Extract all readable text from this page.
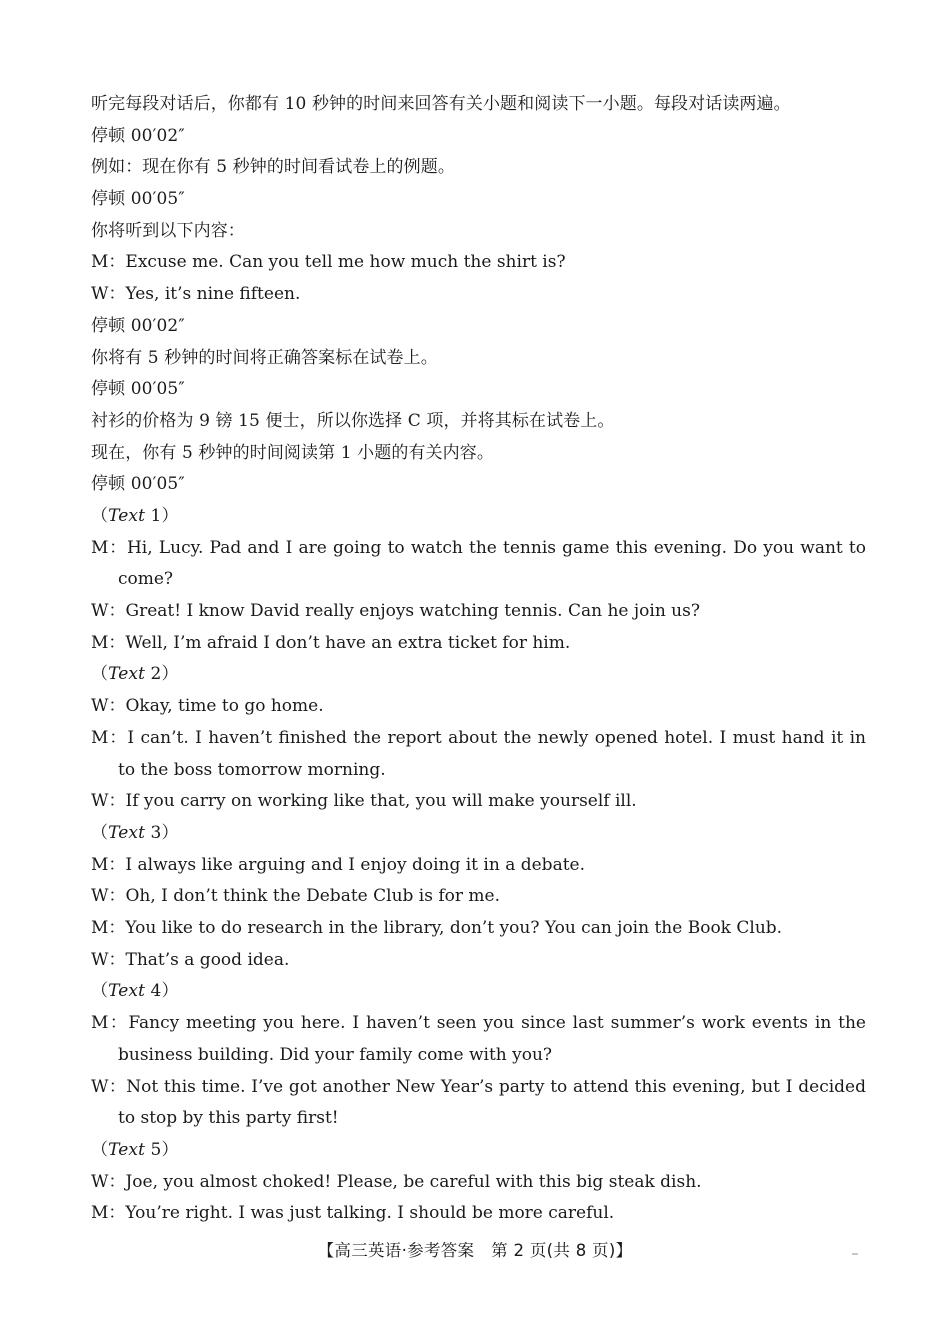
听完每段对话后，你都有 10 秒钟的时间来回答有关小题和阅读下一小题。每段对话读两遍。
停顿 00′02″
例如：现在你有 5 秒钟的时间看试卷上的例题。
停顿 00′05″
你将听到以下内容：
M：Excuse me. Can you tell me how much the shirt is?
W：Yes, it’s nine fifteen.
停顿 00′02″
你将有 5 秒钟的时间将正确答案标在试卷上。
停顿 00′05″
衬衫的价格为 9 镑 15 便士，所以你选择 C 项，并将其标在试卷上。
现在，你有 5 秒钟的时间阅读第 1 小题的有关内容。
停顿 00′05″
（Text 1）
M：Hi, Lucy. Pad and I are going to watch the tennis game this evening. Do you want to come?
W：Great! I know David really enjoys watching tennis. Can he join us?
M：Well, I’m afraid I don’t have an extra ticket for him.
（Text 2）
W：Okay, time to go home.
M：I can’t. I haven’t finished the report about the newly opened hotel. I must hand it in to the boss tomorrow morning.
W：If you carry on working like that, you will make yourself ill.
（Text 3）
M：I always like arguing and I enjoy doing it in a debate.
W：Oh, I don’t think the Debate Club is for me.
M：You like to do research in the library, don’t you? You can join the Book Club.
W：That’s a good idea.
（Text 4）
M：Fancy meeting you here. I haven’t seen you since last summer’s work events in the business building. Did your family come with you?
W：Not this time. I’ve got another New Year’s party to attend this evening, but I decided to stop by this party first!
（Text 5）
W：Joe, you almost choked! Please, be careful with this big steak dish.
M：You’re right. I was just talking. I should be more careful.
【高三英语·参考答案　第 2 页(共 8 页)】
